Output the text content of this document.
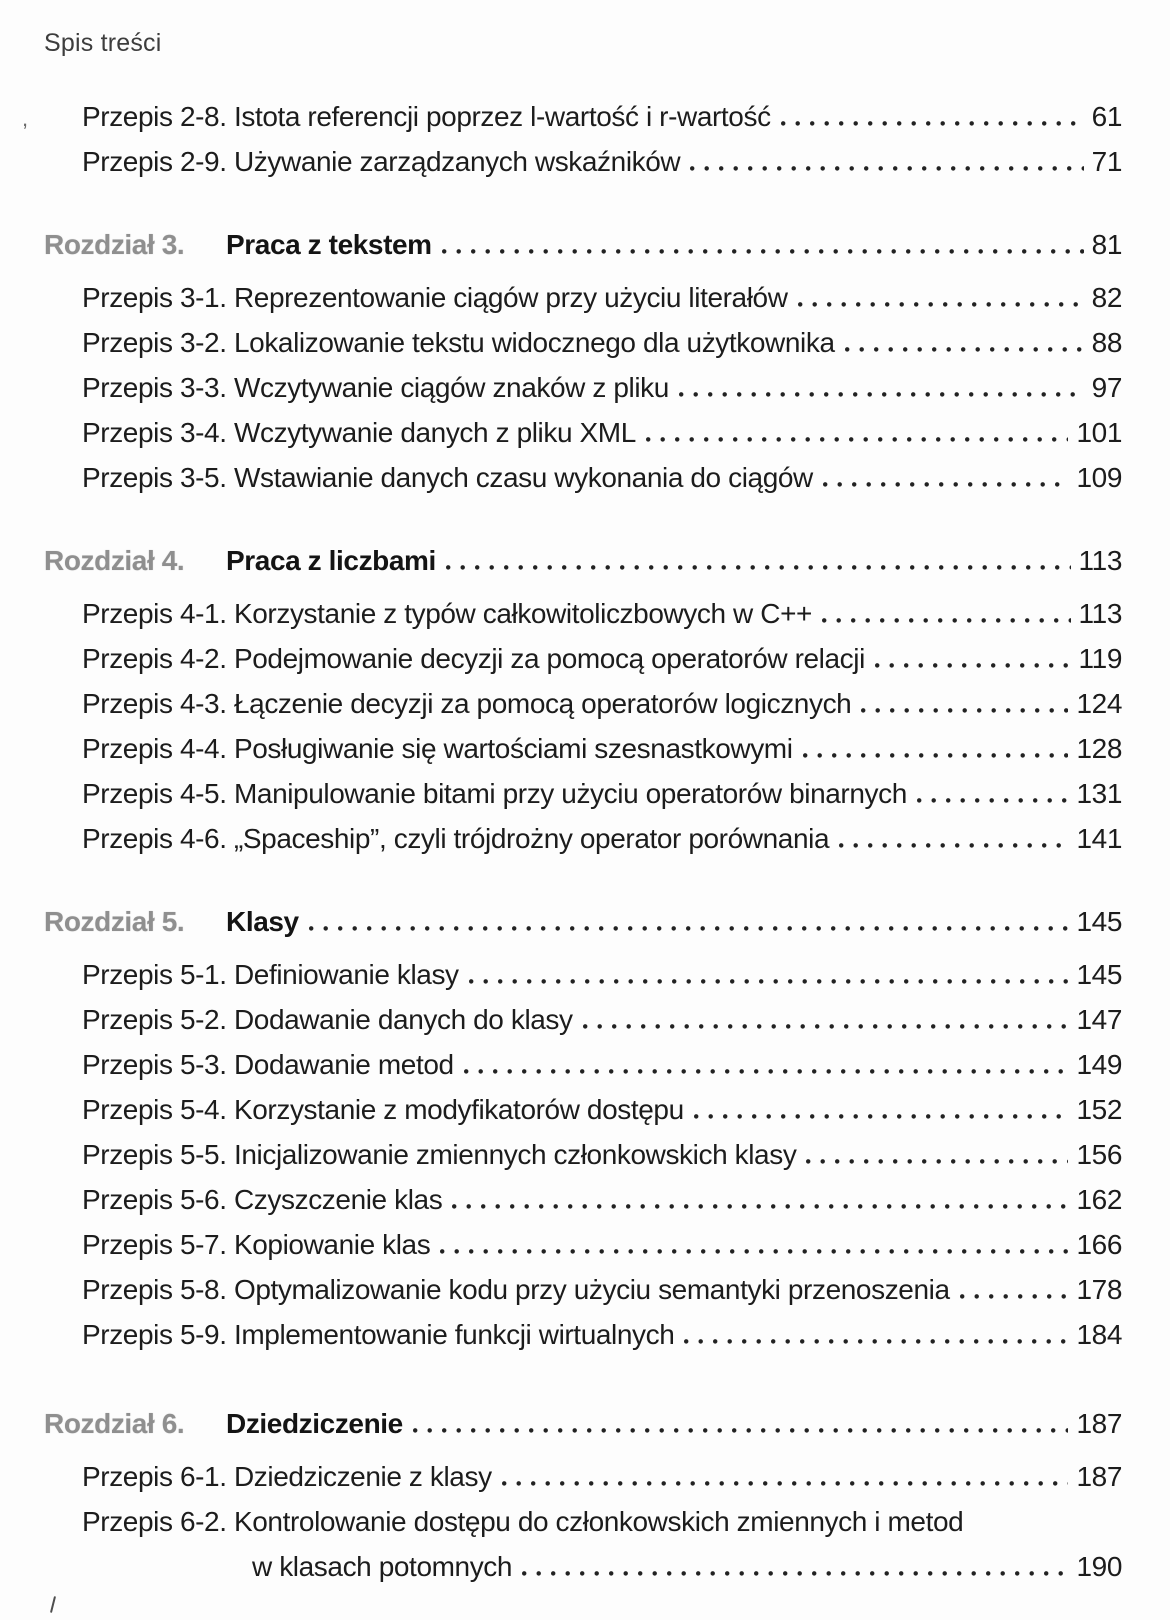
Spis treści
, Przepis 2-8. Istota referencji poprzez l-wartość i r-wartość	61
Przepis 2-9. Używanie zarządzanych wskaźników	71
Rozdział 3.	Praca z tekstem	81
Przepis 3-1. Reprezentowanie ciągów przy użyciu literałów	82
Przepis 3-2. Lokalizowanie tekstu widocznego dla użytkownika	88
Przepis 3-3. Wczytywanie ciągów znaków z pliku	97
Przepis 3-4. Wczytywanie danych z pliku XML	101
Przepis 3-5. Wstawianie danych czasu wykonania do ciągów	109
Rozdział 4.	Praca z liczbami	113
Przepis 4-1. Korzystanie z typów całkowitoliczbowych w C++	113
Przepis 4-2. Podejmowanie decyzji za pomocą operatorów relacji	119
Przepis 4-3. Łączenie decyzji za pomocą operatorów logicznych	124
Przepis 4-4. Posługiwanie się wartościami szesnastkowymi	128
Przepis 4-5. Manipulowanie bitami przy użyciu operatorów binarnych	131
Przepis 4-6. „Spaceship”, czyli trójdrożny operator porównania	141
Rozdział 5.	Klasy	145
Przepis 5-1. Definiowanie klasy	145
Przepis 5-2. Dodawanie danych do klasy	147
Przepis 5-3. Dodawanie metod	149
Przepis 5-4. Korzystanie z modyfikatorów dostępu	152
Przepis 5-5. Inicjalizowanie zmiennych członkowskich klasy	156
Przepis 5-6. Czyszczenie klas	162
Przepis 5-7. Kopiowanie klas	166
Przepis 5-8. Optymalizowanie kodu przy użyciu semantyki przenoszenia	178
Przepis 5-9. Implementowanie funkcji wirtualnych	184
Rozdział 6.	Dziedziczenie	187
Przepis 6-1. Dziedziczenie z klasy	187
Przepis 6-2. Kontrolowanie dostępu do członkowskich zmiennych i metod
w klasach potomnych	190
